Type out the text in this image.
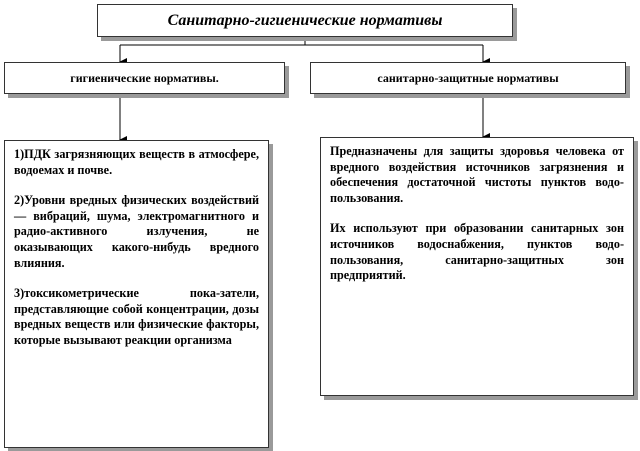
Санитарно-гигиенические нормативы
гигиенические нормативы.	санитарно-защитные нормативы

1)ПДК загрязняющих веществ в атмосфере, водоемах и почве.

2)Уровни вредных физических воздействий — вибраций, шума, электромагнитного и радио-активного излучения, не оказывающих какого-нибудь вредного влияния.

3)токсикометрические пока-затели, представляющие собой концентрации, дозы вредных веществ или физические факторы, которые вызывают реакции организма

Предназначены для защиты здоровья человека от вредного воздействия источников загрязнения и обеспечения достаточной чистоты пунктов водо-пользования.

Их используют при образовании санитарных зон источников водоснабжения, пунктов водо-пользования, санитарно-защитных зон предприятий.
